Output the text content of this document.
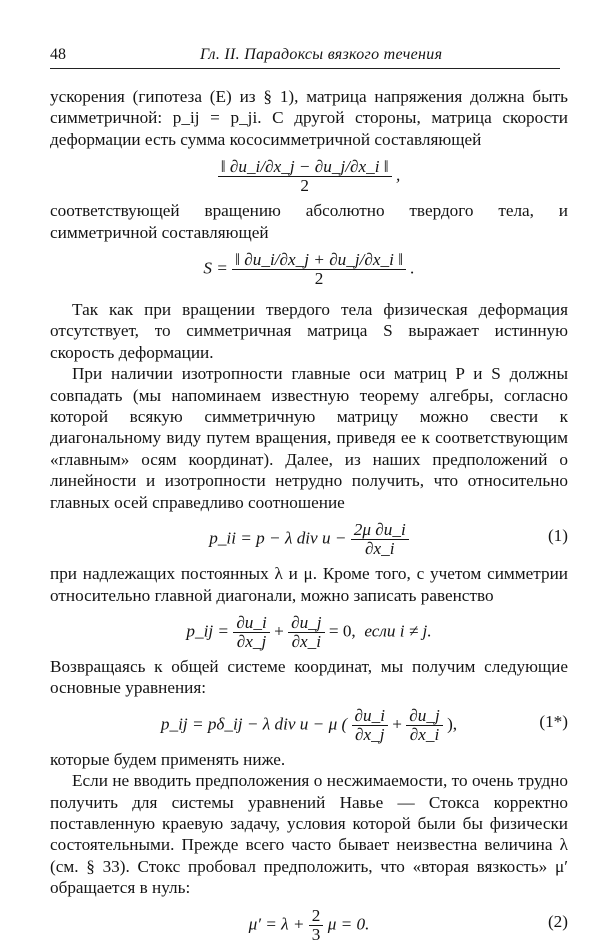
48	Гл. II. Парадоксы вязкого течения

ускорения (гипотеза (E) из § 1), матрица напряжения должна быть симметричной: p_ij = p_ji. С другой стороны, матрица скорости деформации есть сумма кососимметричной составляющей

$\frac{‖ \partial u\_i/\partial x\_j - \partial u\_j/\partial x\_i ‖}{2}$ ,

соответствующей вращению абсолютно твердого тела, и симметричной составляющей

$S = \frac{‖ \partial u\_i/\partial x\_j + \partial u\_j/\partial x\_i ‖}{2}$ .

Так как при вращении твердого тела физическая деформация отсутствует, то симметричная матрица S выражает истинную скорость деформации.

При наличии изотропности главные оси матриц P и S должны совпадать (мы напоминаем известную теорему алгебры, согласно которой всякую симметричную матрицу можно свести к диагональному виду путем вращения, приведя ее к соответствующим «главным» осям координат). Далее, из наших предположений о линейности и изотропности нетрудно получить, что относительно главных осей справедливо соотношение

p_ii = p − λ div $u - \frac{2\mu \partial u\_i}{\partial x\_i}$	(1)

при надлежащих постоянных λ и μ. Кроме того, с учетом симметрии относительно главной диагонали, можно записать равенство

p_ij = $\frac{\partial u\_i}{\partial x\_j} + \frac{\partial u\_j}{\partial x\_i} = 0$, если i ≠ j.

Возвращаясь к общей системе координат, мы получим следующие основные уравнения:

p_ij = pδ_ij − λ div u − μ ( $\frac{\partial u\_i}{\partial x\_j} + \frac{\partial u\_j}{\partial x\_i}$ ),	(1*)

которые будем применять ниже.

Если не вводить предположения о несжимаемости, то очень трудно получить для системы уравнений Навье — Стокса корректно поставленную краевую задачу, условия которой были бы физически состоятельными. Прежде всего часто бывает неизвестна величина λ (см. § 33). Стокс пробовал предположить, что «вторая вязкость» μ′ обращается в нуль:

$\mu' = \lambda + \frac{2}{3}$ μ = 0.	(2)
